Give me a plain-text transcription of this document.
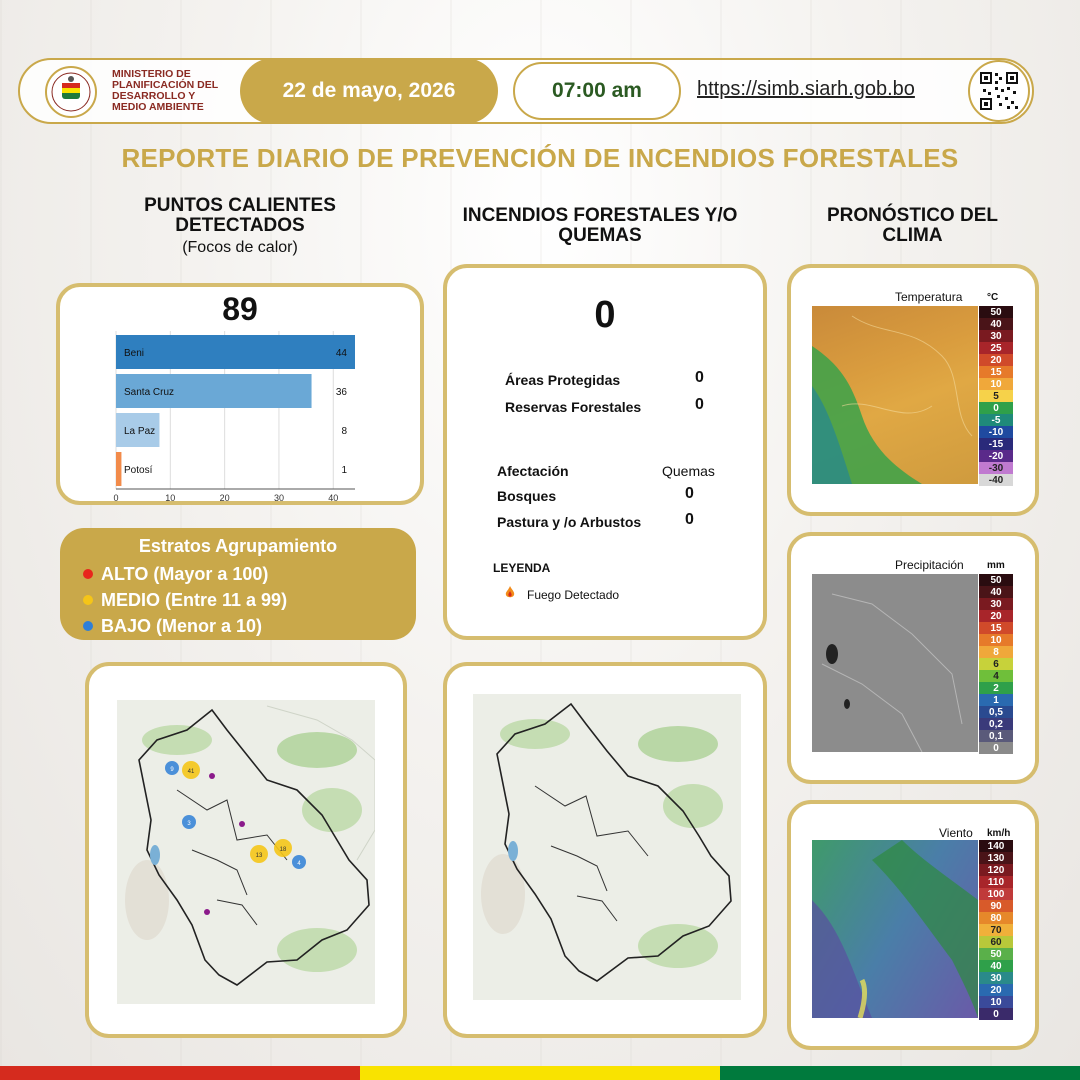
MINISTERIO DE PLANIFICACIÓN DEL DESARROLLO Y MEDIO AMBIENTE
22 de mayo, 2026	07:00 am	https://simb.siarh.gob.bo
REPORTE DIARIO DE PREVENCIÓN DE INCENDIOS FORESTALES
PUNTOS CALIENTES DETECTADOS
(Focos de calor)
INCENDIOS FORESTALES Y/O QUEMAS
PRONÓSTICO DEL CLIMA
89
0	10	20	30	40
Beni	44
Santa Cruz	36
La Paz	8
Potosí	1
Estratos Agrupamiento
ALTO (Mayor a 100)
MEDIO (Entre 11 a 99)
BAJO (Menor a 10)
9 41
3
13
18
4
0
Áreas Protegidas	0
Reservas Forestales	0
Afectación	Quemas
Bosques	0
Pastura y /o Arbustos	0
LEYENDA
Fuego Detectado
Temperatura °C
50
40
30
25
20
15
10
5
0
-5
-10
-15
-20
-30
-40
Precipitación mm
50
40
30
20
15
10
8
6
4
2
1
0,5
0,2
0,1
0
Viento km/h
140
130
120
110
100
90
80
70
60
50
40
30
20
10
0
